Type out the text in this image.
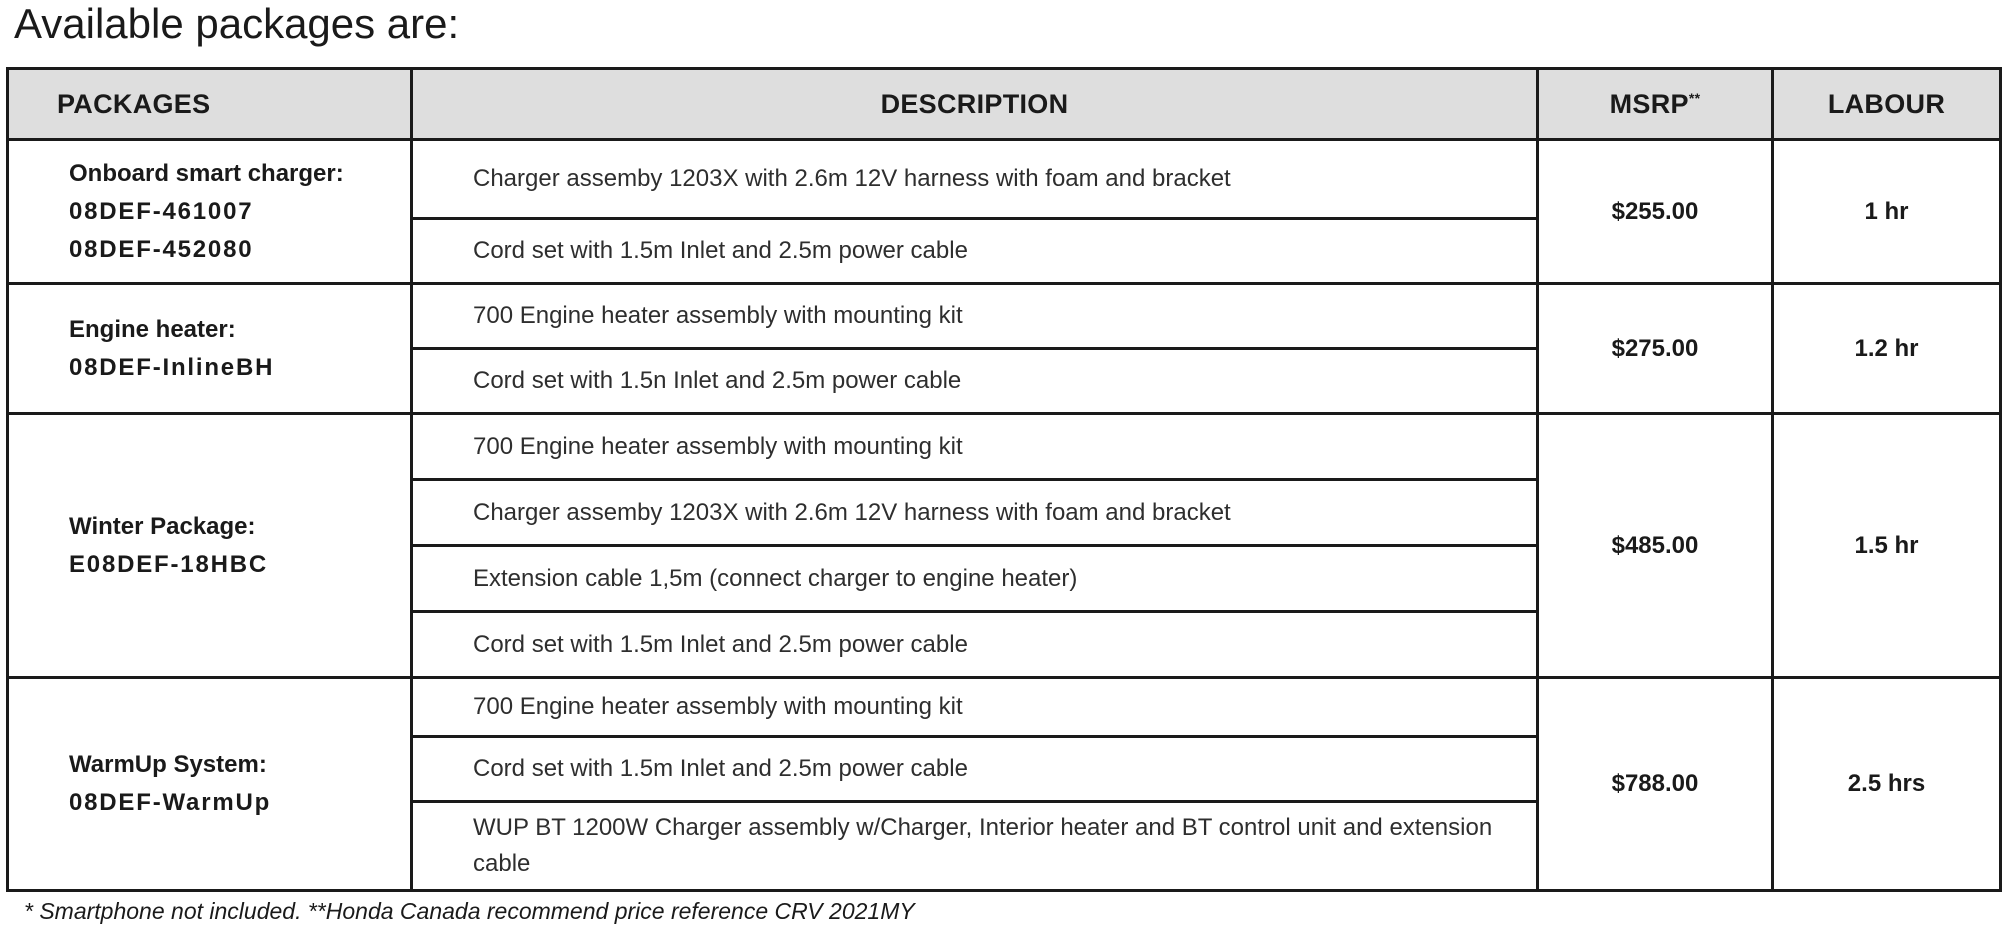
Available packages are:
PACKAGES	DESCRIPTION	MSRP**	LABOUR

Onboard smart charger:
08DEF-461007
08DEF-452080	Charger assemby 1203X with 2.6m 12V harness with foam and bracket	$255.00	1 hr
	Cord set with 1.5m Inlet and 2.5m power cable		

Engine heater:
08DEF-InlineBH	700 Engine heater assembly with mounting kit	$275.00	1.2 hr
	Cord set with 1.5n Inlet and 2.5m power cable		

Winter Package:
E08DEF-18HBC	700 Engine heater assembly with mounting kit	$485.00	1.5 hr
	Charger assemby 1203X with 2.6m 12V harness with foam and bracket		
	Extension cable 1,5m (connect charger to engine heater)		
	Cord set with 1.5m Inlet and 2.5m power cable		

WarmUp System:
08DEF-WarmUp	700 Engine heater assembly with mounting kit	$788.00	2.5 hrs
	Cord set with 1.5m Inlet and 2.5m power cable		
	WUP BT 1200W Charger assembly w/Charger, Interior heater and BT control unit and extension cable		

* Smartphone not included. **Honda Canada recommend price reference CRV 2021MY
